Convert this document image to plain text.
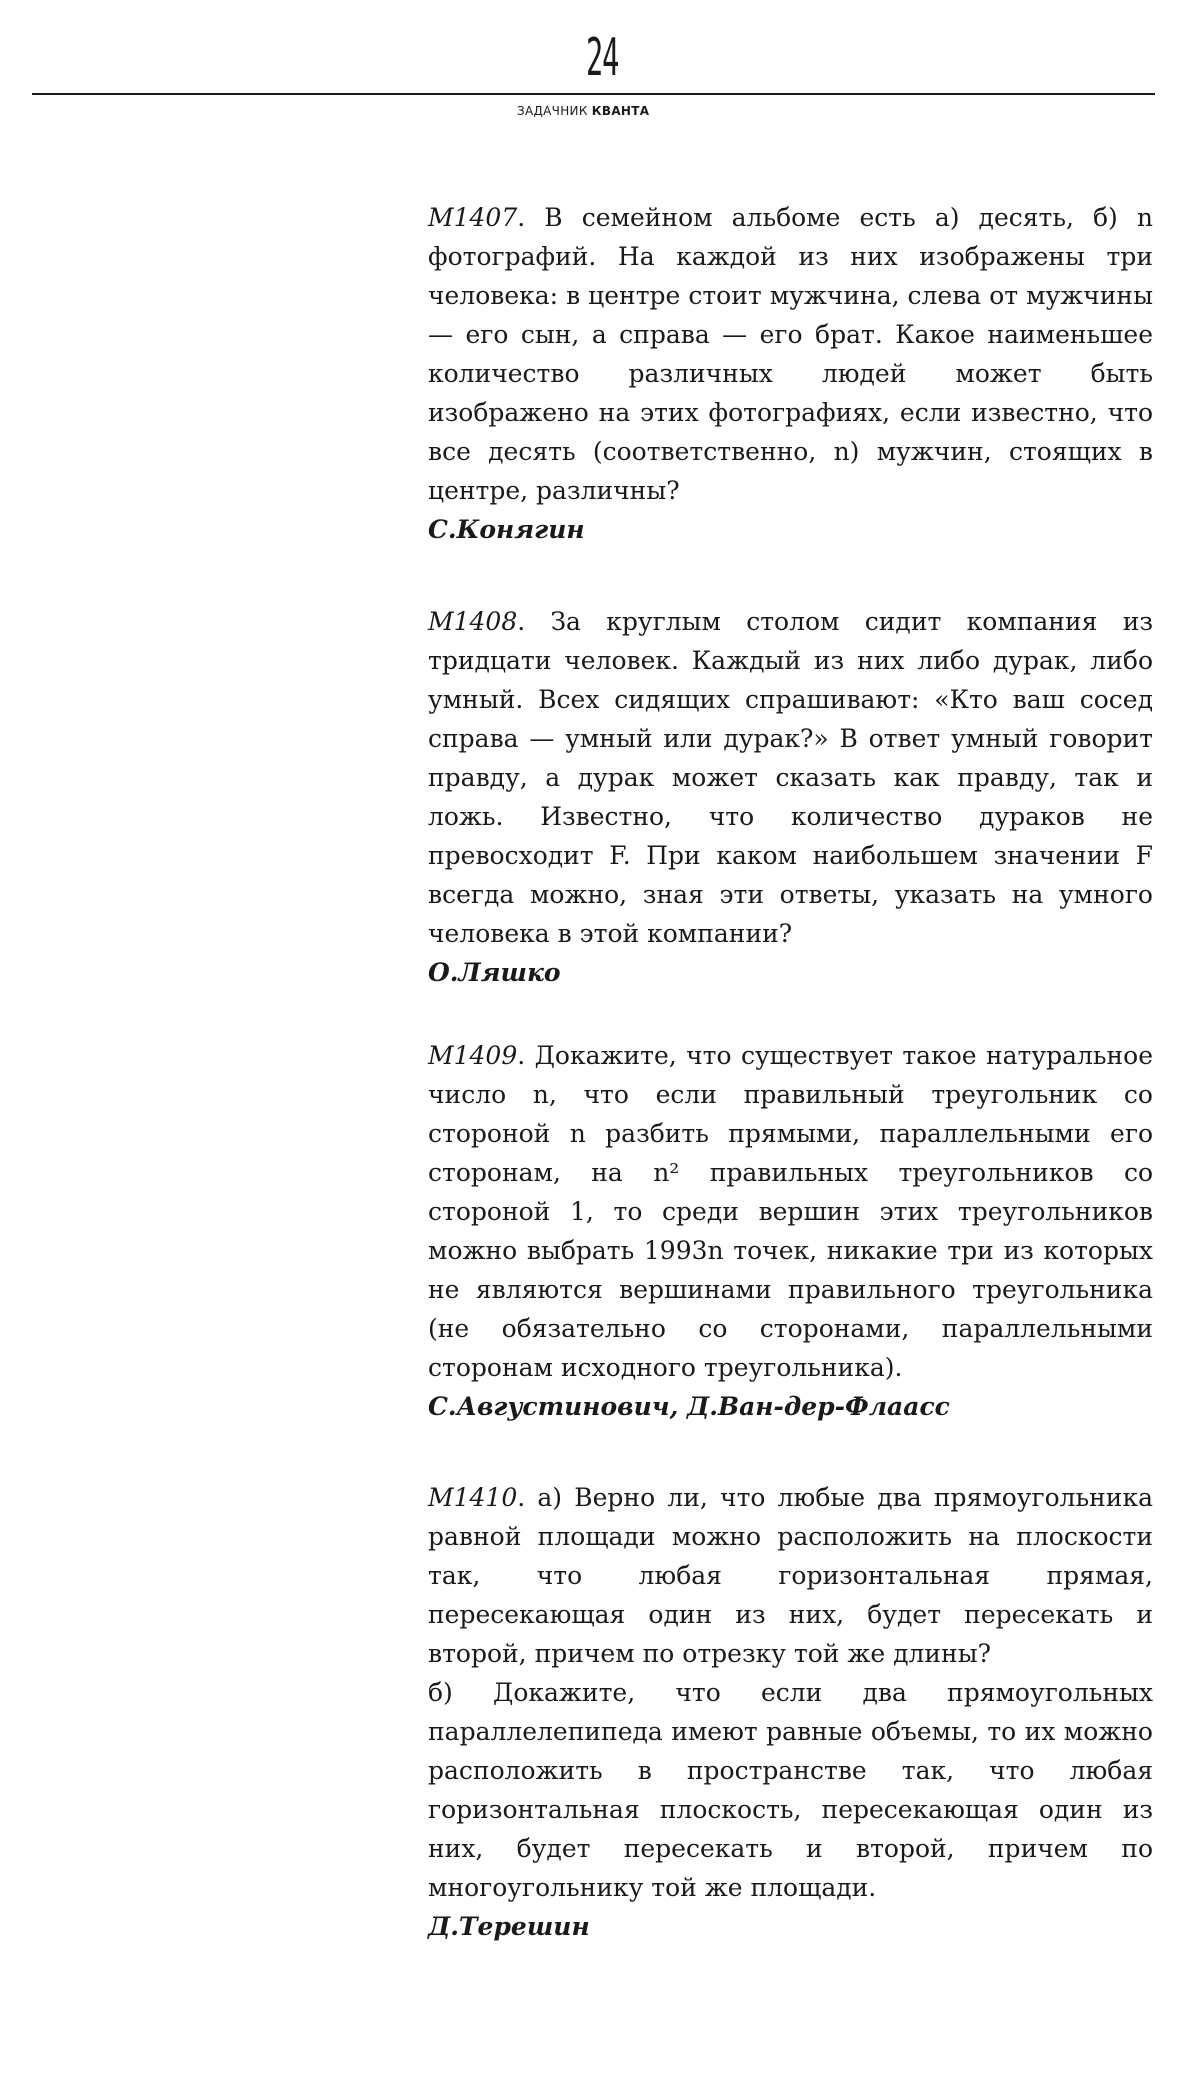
24
ЗАДАЧНИК КВАНТА

М1407. В семейном альбоме есть а) десять, б) n фотографий. На каждой из них изображены три человека: в центре стоит мужчина, слева от мужчины — его сын, а справа — его брат. Какое наименьшее количество различных людей может быть изображено на этих фотографиях, если известно, что все десять (соответственно, n) мужчин, стоящих в центре, различны?

С.Конягин

М1408. За круглым столом сидит компания из тридцати человек. Каждый из них либо дурак, либо умный. Всех сидящих спрашивают: «Кто ваш сосед справа — умный или дурак?» В ответ умный говорит правду, а дурак может сказать как правду, так и ложь. Известно, что количество дураков не превосходит F. При каком наибольшем значении F всегда можно, зная эти ответы, указать на умного человека в этой компании?

О.Ляшко

М1409. Докажите, что существует такое натуральное число n, что если правильный треугольник со стороной n разбить прямыми, параллельными его сторонам, на n² правильных треугольников со стороной 1, то среди вершин этих треугольников можно выбрать 1993n точек, никакие три из которых не являются вершинами правильного треугольника (не обязательно со сторонами, параллельными сторонам исходного треугольника).

С.Августинович, Д.Ван-дер-Флаасс

М1410. а) Верно ли, что любые два прямоугольника равной площади можно расположить на плоскости так, что любая горизонтальная прямая, пересекающая один из них, будет пересекать и второй, причем по отрезку той же длины?

б) Докажите, что если два прямоугольных параллелепипеда имеют равные объемы, то их можно расположить в пространстве так, что любая горизонтальная плоскость, пересекающая один из них, будет пересекать и второй, причем по многоугольнику той же площади.

Д.Терешин
